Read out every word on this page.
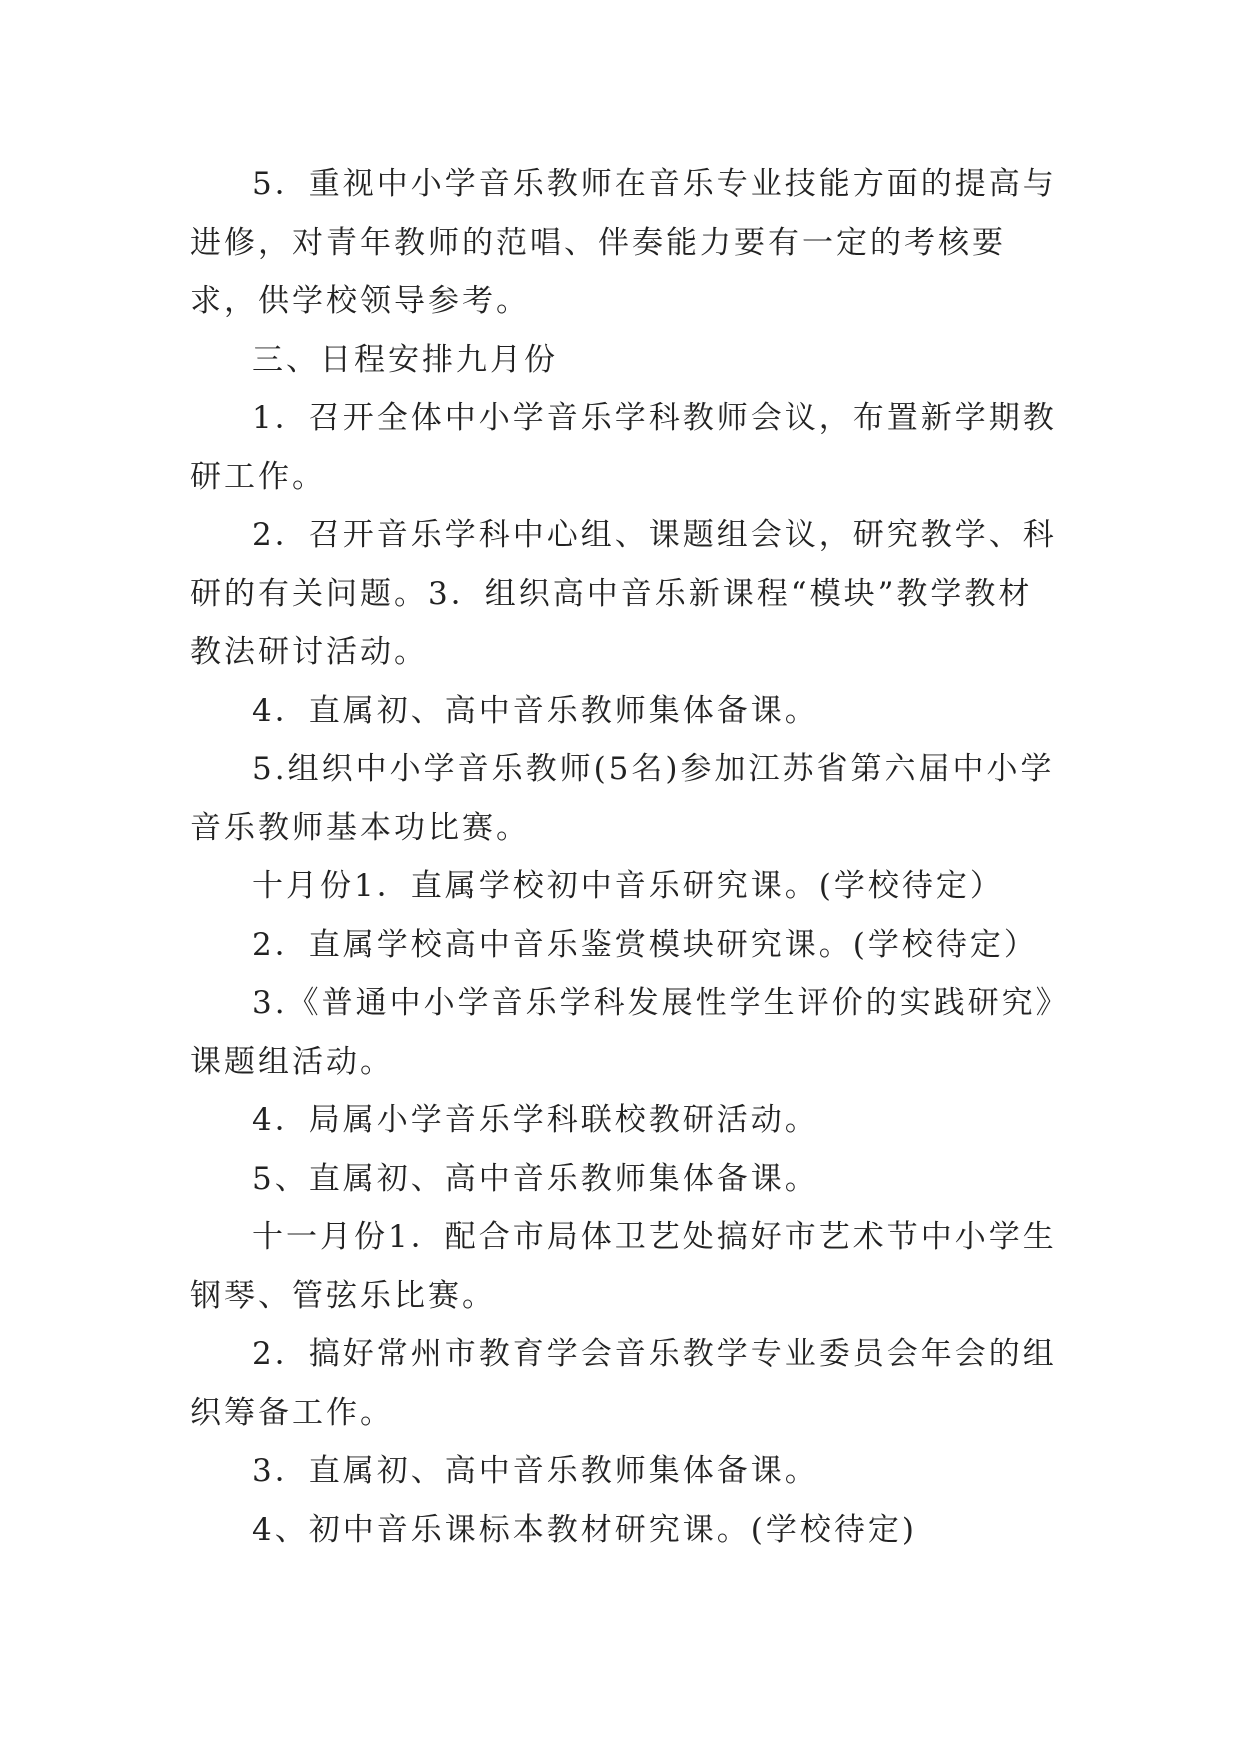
5．重视中小学音乐教师在音乐专业技能方面的提高与进修，对青年教师的范唱、伴奏能力要有一定的考核要求，供学校领导参考。

三、日程安排九月份

1．召开全体中小学音乐学科教师会议，布置新学期教研工作。

2．召开音乐学科中心组、课题组会议，研究教学、科研的有关问题。3．组织高中音乐新课程“模块”教学教材教法研讨活动。

4．直属初、高中音乐教师集体备课。

5.组织中小学音乐教师(5名)参加江苏省第六届中小学音乐教师基本功比赛。

十月份1．直属学校初中音乐研究课。(学校待定）

2．直属学校高中音乐鉴赏模块研究课。(学校待定）

3.《普通中小学音乐学科发展性学生评价的实践研究》课题组活动。

4．局属小学音乐学科联校教研活动。

5、直属初、高中音乐教师集体备课。

十一月份1．配合市局体卫艺处搞好市艺术节中小学生钢琴、管弦乐比赛。

2．搞好常州市教育学会音乐教学专业委员会年会的组织筹备工作。

3．直属初、高中音乐教师集体备课。

4、初中音乐课标本教材研究课。(学校待定)
